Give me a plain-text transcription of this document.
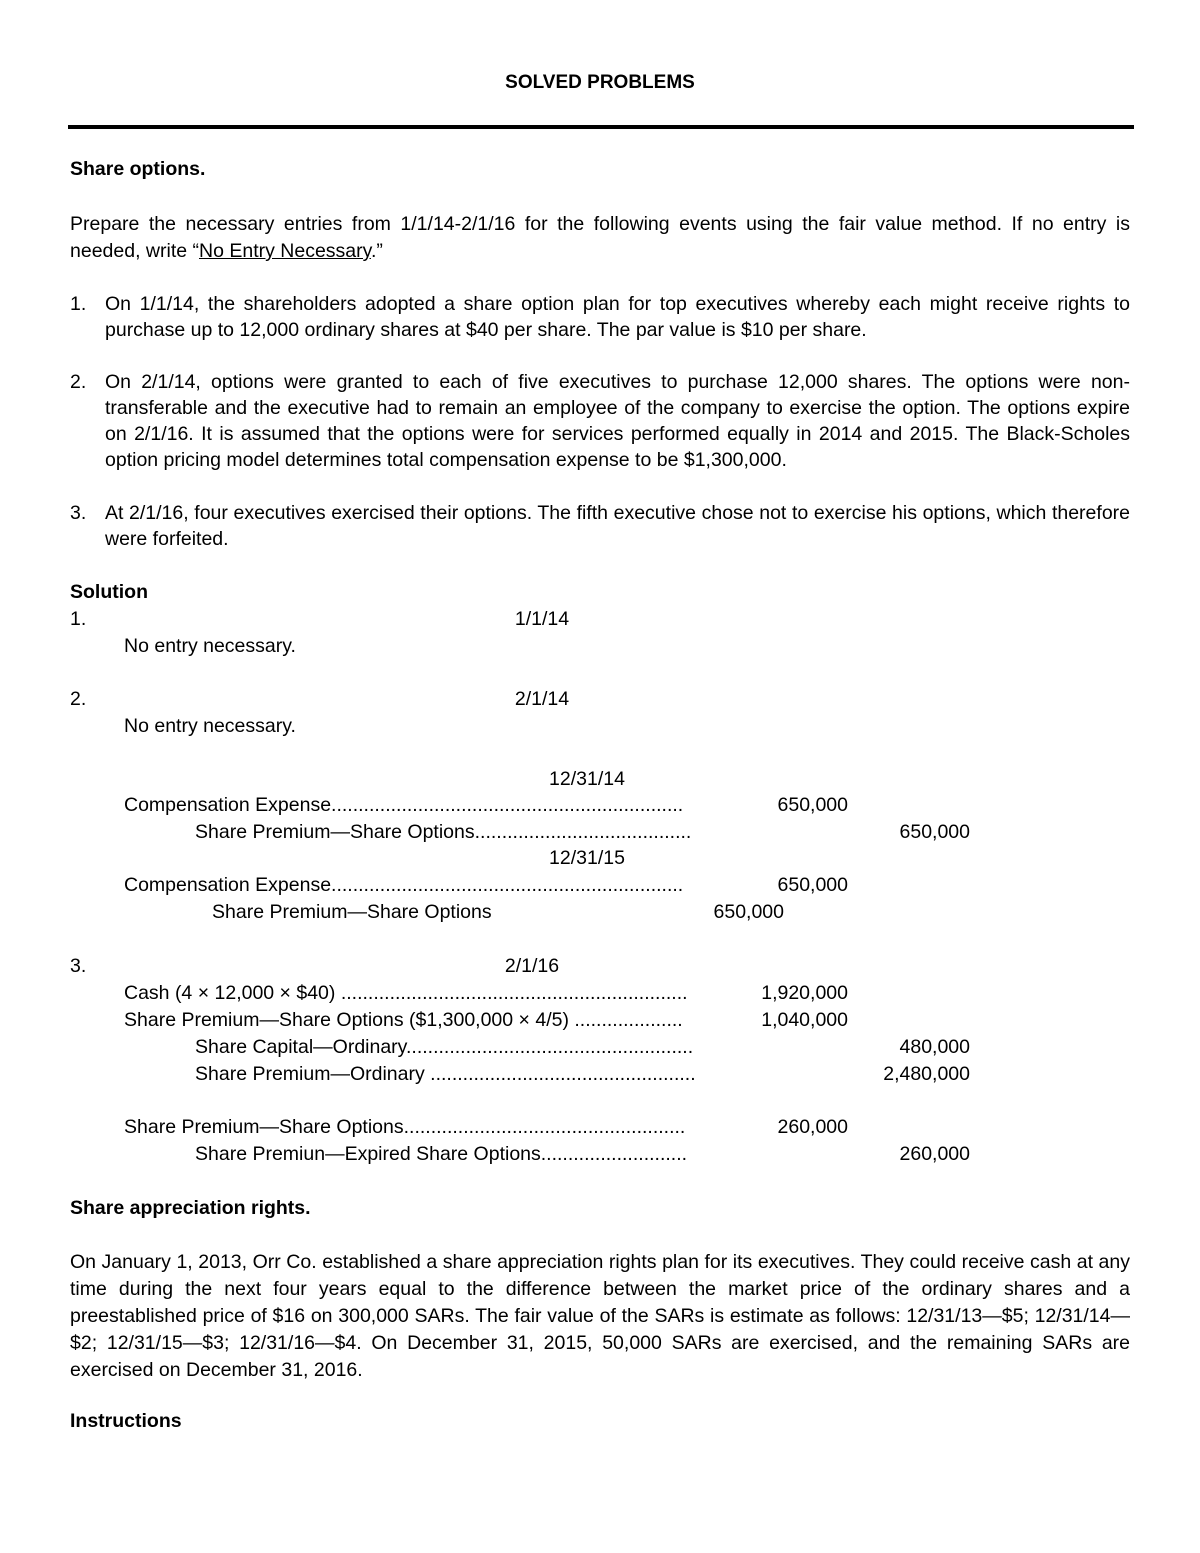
SOLVED PROBLEMS
Share options.
Prepare the necessary entries from 1/1/14-2/1/16 for the following events using the fair value method. If no entry is needed, write “No Entry Necessary.”
1. On 1/1/14, the shareholders adopted a share option plan for top executives whereby each might receive rights to purchase up to 12,000 ordinary shares at $40 per share. The par value is $10 per share.
2. On 2/1/14, options were granted to each of five executives to purchase 12,000 shares. The options were non-transferable and the executive had to remain an employee of the company to exercise the option. The options expire on 2/1/16. It is assumed that the options were for services performed equally in 2014 and 2015. The Black-Scholes option pricing model determines total compensation expense to be $1,300,000.
3. At 2/1/16, four executives exercised their options. The fifth executive chose not to exercise his options, which therefore were forfeited.
Solution
1.	1/1/14
No entry necessary.
2.	2/1/14
No entry necessary.
12/31/14
Compensation Expense.................................................................	650,000
Share Premium—Share Options........................................	650,000
12/31/15
Compensation Expense.................................................................	650,000
Share Premium—Share Options	650,000
3.	2/1/16
Cash (4 × 12,000 × $40) ................................................................	1,920,000
Share Premium—Share Options ($1,300,000 × 4/5) ....................	1,040,000
Share Capital—Ordinary.....................................................	480,000
Share Premium—Ordinary .................................................	2,480,000
Share Premium—Share Options....................................................	260,000
Share Premiun—Expired Share Options...........................	260,000
Share appreciation rights.
On January 1, 2013, Orr Co. established a share appreciation rights plan for its executives. They could receive cash at any time during the next four years equal to the difference between the market price of the ordinary shares and a preestablished price of $16 on 300,000 SARs. The fair value of the SARs is estimate as follows: 12/31/13—$5; 12/31/14—$2; 12/31/15—$3; 12/31/16—$4. On December 31, 2015, 50,000 SARs are exercised, and the remaining SARs are exercised on December 31, 2016.
Instructions
